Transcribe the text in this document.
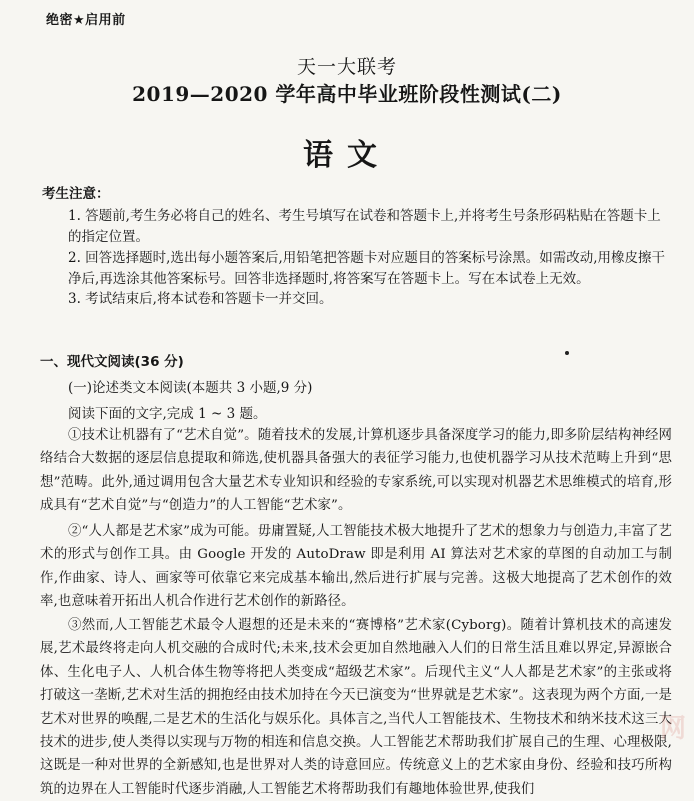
绝密★启用前
天一大联考
2019—2020 学年高中毕业班阶段性测试(二)
语文
考生注意：
1. 答题前,考生务必将自己的姓名、考生号填写在试卷和答题卡上,并将考生号条形码粘贴在答题卡上的指定位置。
2. 回答选择题时,选出每小题答案后,用铅笔把答题卡对应题目的答案标号涂黑。如需改动,用橡皮擦干净后,再选涂其他答案标号。回答非选择题时,将答案写在答题卡上。写在本试卷上无效。
3. 考试结束后,将本试卷和答题卡一并交回。
一、现代文阅读(36 分)
(一)论述类文本阅读(本题共 3 小题,9 分)
阅读下面的文字,完成 1 ~ 3 题。
①技术让机器有了“艺术自觉”。随着技术的发展,计算机逐步具备深度学习的能力,即多阶层结构神经网络结合大数据的逐层信息提取和筛选,使机器具备强大的表征学习能力,也使机器学习从技术范畴上升到“思想”范畴。此外,通过调用包含大量艺术专业知识和经验的专家系统,可以实现对机器艺术思维模式的培育,形成具有“艺术自觉”与“创造力”的人工智能“艺术家”。
②“人人都是艺术家”成为可能。毋庸置疑,人工智能技术极大地提升了艺术的想象力与创造力,丰富了艺术的形式与创作工具。由 Google 开发的 AutoDraw 即是利用 AI 算法对艺术家的草图的自动加工与制作,作曲家、诗人、画家等可依靠它来完成基本输出,然后进行扩展与完善。这极大地提高了艺术创作的效率,也意味着开拓出人机合作进行艺术创作的新路径。
③然而,人工智能艺术最令人遐想的还是未来的“赛博格”艺术家(Cyborg)。随着计算机技术的高速发展,艺术最终将走向人机交融的合成时代;未来,技术会更加自然地融入人们的日常生活且难以界定,异源嵌合体、生化电子人、人机合体生物等将把人类变成“超级艺术家”。后现代主义“人人都是艺术家”的主张或将打破这一垄断,艺术对生活的拥抱经由技术加持在今天已演变为“世界就是艺术家”。这表现为两个方面,一是艺术对世界的唤醒,二是艺术的生活化与娱乐化。具体言之,当代人工智能技术、生物技术和纳米技术这三大技术的进步,使人类得以实现与万物的相连和信息交换。人工智能艺术帮助我们扩展自己的生理、心理极限,这既是一种对世界的全新感知,也是世界对人类的诗意回应。传统意义上的艺术家由身份、经验和技巧所构筑的边界在人工智能时代逐步消融,人工智能艺术将帮助我们有趣地体验世界,使我们
网
